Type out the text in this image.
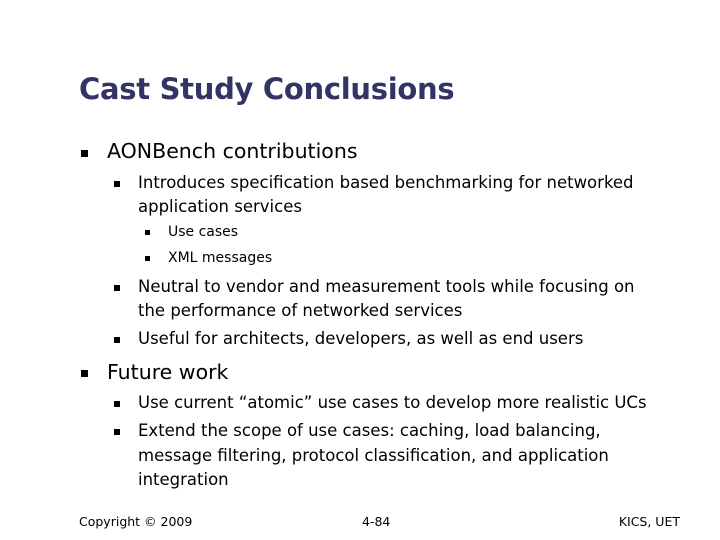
Cast Study Conclusions

AONBench contributions

Introduces specification based benchmarking for networked

application services

Use cases

XML messages

Neutral to vendor and measurement tools while focusing on

the performance of networked services

Useful for architects, developers, as well as end users

Future work

Use current “atomic” use cases to develop more realistic UCs

Extend the scope of use cases: caching, load balancing,

message filtering, protocol classification, and application

integration

Copyright © 2009	4-84	KICS, UET
